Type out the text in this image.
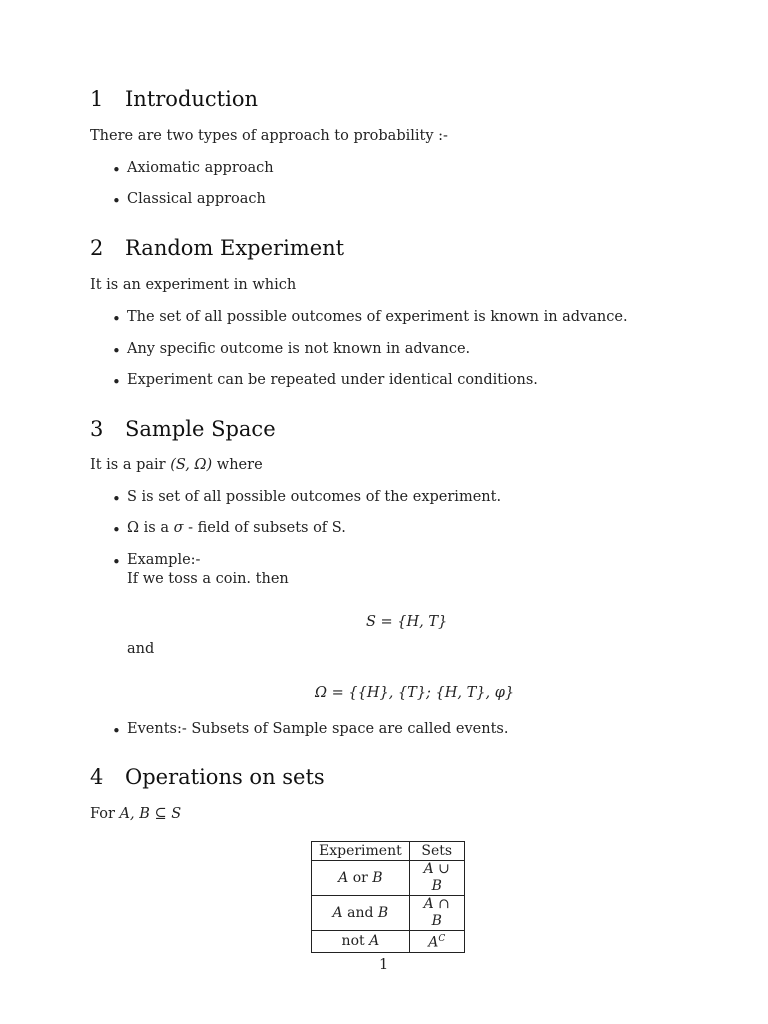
1 Introduction
There are two types of approach to probability :-
•
Axiomatic approach
•
Classical approach
2 Random Experiment
It is an experiment in which
•
The set of all possible outcomes of experiment is known in advance.
•
Any specific outcome is not known in advance.
•
Experiment can be repeated under identical conditions.
3 Sample Space
It is a pair (S, Ω) where
•
S is set of all possible outcomes of the experiment.
•
Ω is a σ - field of subsets of S.
•
Example:-
If we toss a coin. then
S = {H, T}
and
Ω = {{H}, {T}; {H, T}, φ}
•
Events:- Subsets of Sample space are called events.
4 Operations on sets
For A, B ⊆ S
Experiment	Sets
A or B	A ∪ B
A and B	A ∩ B
not A	$A^C$
1
